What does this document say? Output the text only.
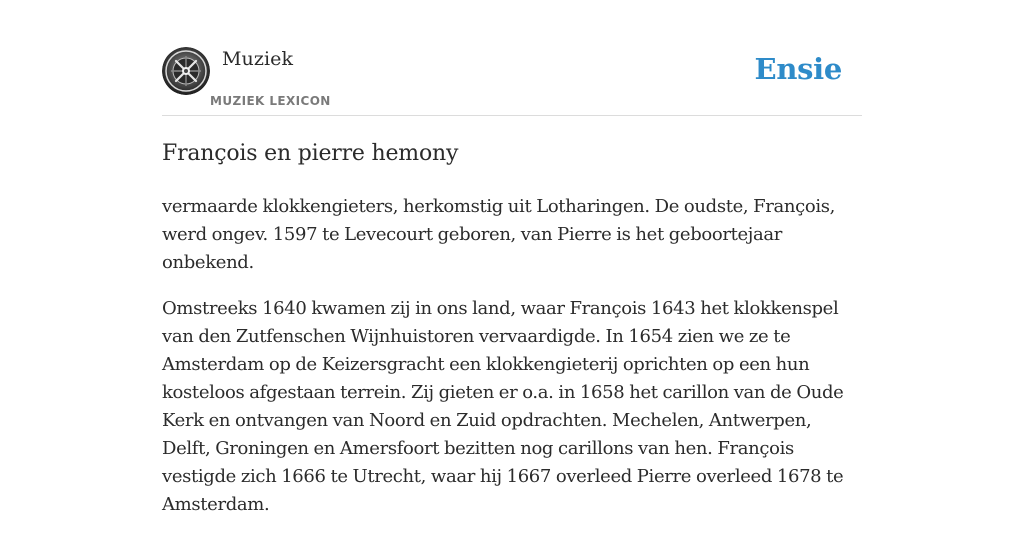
Muziek
MUZIEK LEXICON
Ensie
François en pierre hemony

vermaarde klokkengieters, herkomstig uit Lotharingen. De oudste, François, werd ongev. 1597 te Levecourt geboren, van Pierre is het geboortejaar onbekend.

Omstreeks 1640 kwamen zij in ons land, waar François 1643 het klokkenspel van den Zutfenschen Wijnhuistoren vervaardigde. In 1654 zien we ze te Amsterdam op de Keizersgracht een klokkengieterij oprichten op een hun kosteloos afgestaan terrein. Zij gieten er o.a. in 1658 het carillon van de Oude Kerk en ontvangen van Noord en Zuid opdrachten. Mechelen, Antwerpen, Delft, Groningen en Amersfoort bezitten nog carillons van hen. François vestigde zich 1666 te Utrecht, waar hij 1667 overleed Pierre overleed 1678 te Amsterdam.
